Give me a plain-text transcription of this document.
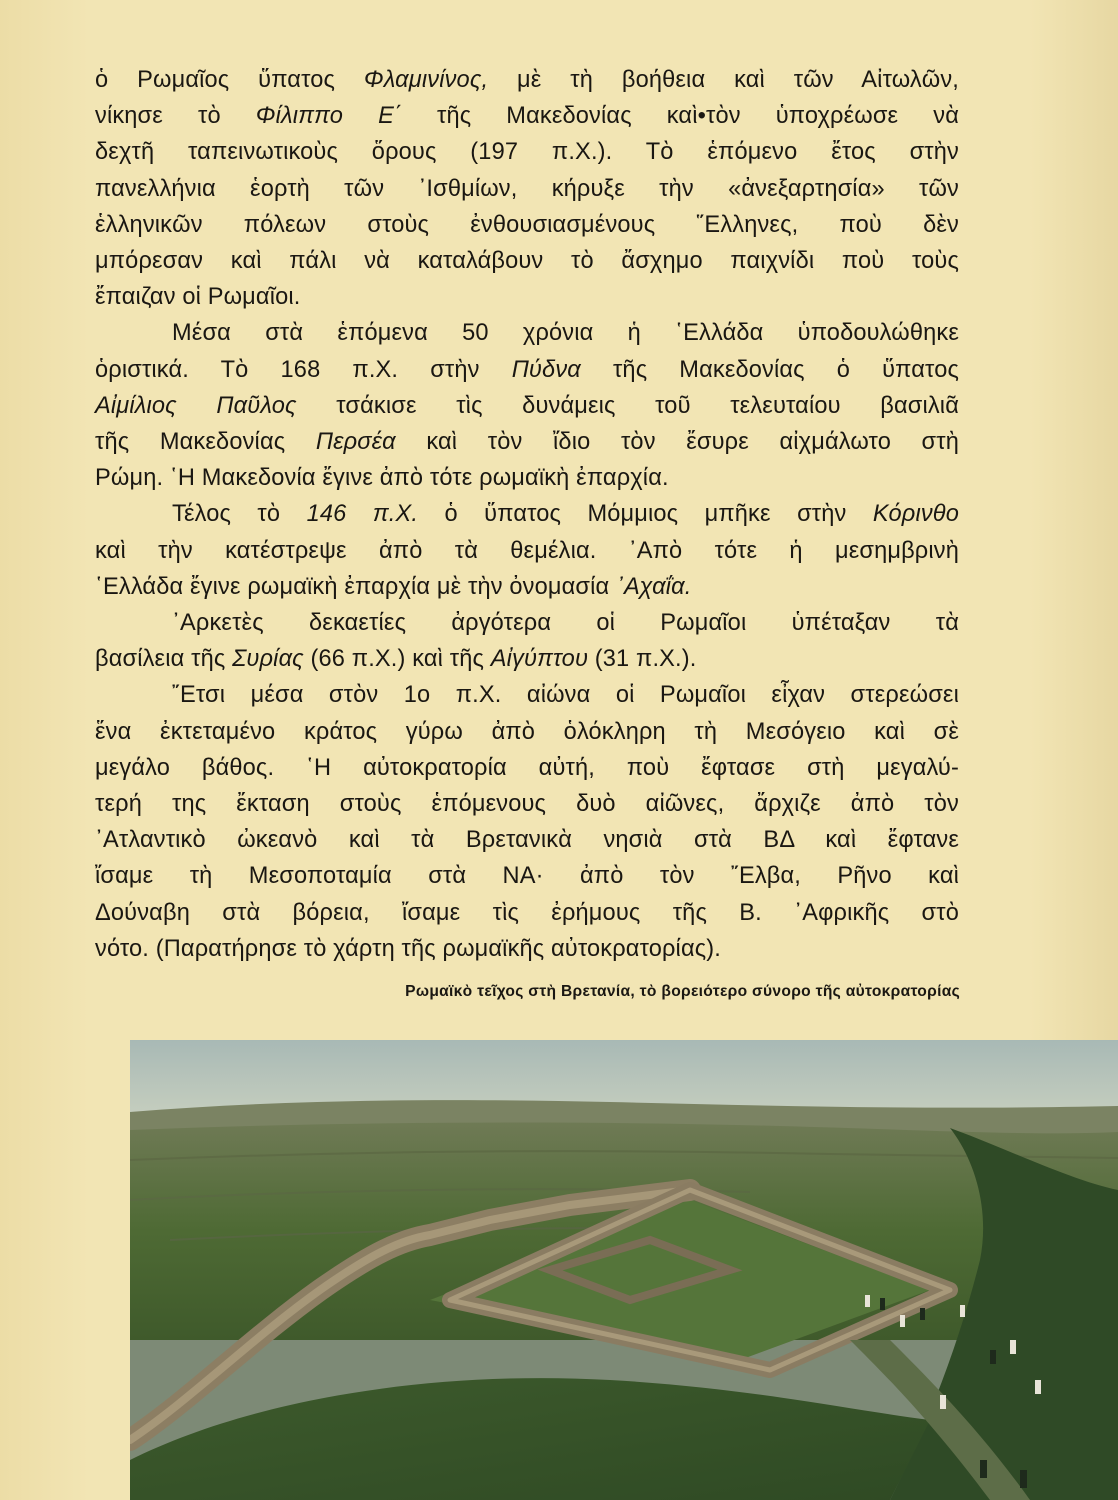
ὁ Ρωμαῖος ὕπατος Φλαμινίνος, μὲ τὴ βοήθεια καὶ τῶν Αἰτωλῶν,
νίκησε τὸ Φίλιππο Ε΄ τῆς Μακεδονίας καὶ•τὸν ὑποχρέωσε νὰ
δεχτῆ ταπεινωτικοὺς ὅρους (197 π.Χ.). Τὸ ἑπόμενο ἔτος στὴν
πανελλήνια ἑορτὴ τῶν ᾿Ισθμίων, κήρυξε τὴν «ἀνεξαρτησία» τῶν
ἑλληνικῶν πόλεων στοὺς ἐνθουσιασμένους ῞Ελληνες, ποὺ δὲν
μπόρεσαν καὶ πάλι νὰ καταλάβουν τὸ ἄσχημο παιχνίδι ποὺ τοὺς
ἔπαιζαν οἱ Ρωμαῖοι.

Μέσα στὰ ἑπόμενα 50 χρόνια ἡ ῾Ελλάδα ὑποδουλώθηκε
ὁριστικά. Τὸ 168 π.Χ. στὴν Πύδνα τῆς Μακεδονίας ὁ ὕπατος
Αἰμίλιος Παῦλος τσάκισε τὶς δυνάμεις τοῦ τελευταίου βασιλιᾶ
τῆς Μακεδονίας Περσέα καὶ τὸν ἴδιο τὸν ἔσυρε αἰχμάλωτο στὴ
Ρώμη. ῾Η Μακεδονία ἔγινε ἀπὸ τότε ρωμαϊκὴ ἐπαρχία.

Τέλος τὸ 146 π.Χ. ὁ ὕπατος Μόμμιος μπῆκε στὴν Κόρινθο
καὶ τὴν κατέστρεψε ἀπὸ τὰ θεμέλια. ᾿Απὸ τότε ἡ μεσημβρινὴ
῾Ελλάδα ἔγινε ρωμαϊκὴ ἐπαρχία μὲ τὴν ὀνομασία ᾿Αχαΐα.

᾿Αρκετὲς δεκαετίες ἀργότερα οἱ Ρωμαῖοι ὑπέταξαν τὰ
βασίλεια τῆς Συρίας (66 π.Χ.) καὶ τῆς Αἰγύπτου (31 π.Χ.).

῎Ετσι μέσα στὸν 1ο π.Χ. αἰώνα οἱ Ρωμαῖοι εἶχαν στερεώσει
ἕνα ἐκτεταμένο κράτος γύρω ἀπὸ ὁλόκληρη τὴ Μεσόγειο καὶ σὲ
μεγάλο βάθος. ῾Η αὐτοκρατορία αὐτή, ποὺ ἔφτασε στὴ μεγαλύ-
τερή της ἔκταση στοὺς ἑπόμενους δυὸ αἰῶνες, ἄρχιζε ἀπὸ τὸν
᾿Ατλαντικὸ ὠκεανὸ καὶ τὰ Βρετανικὰ νησιὰ στὰ ΒΔ καὶ ἔφτανε
ἴσαμε τὴ Μεσοποταμία στὰ ΝΑ· ἀπὸ τὸν ῎Ελβα, Ρῆνο καὶ
Δούναβη στὰ βόρεια, ἴσαμε τὶς ἐρήμους τῆς Β. ᾿Αφρικῆς στὸ
νότο. (Παρατήρησε τὸ χάρτη τῆς ρωμαϊκῆς αὐτοκρατορίας).

Ρωμαϊκὸ τεῖχος στὴ Βρετανία, τὸ βορειότερο σύνορο τῆς αὐτοκρατορίας
